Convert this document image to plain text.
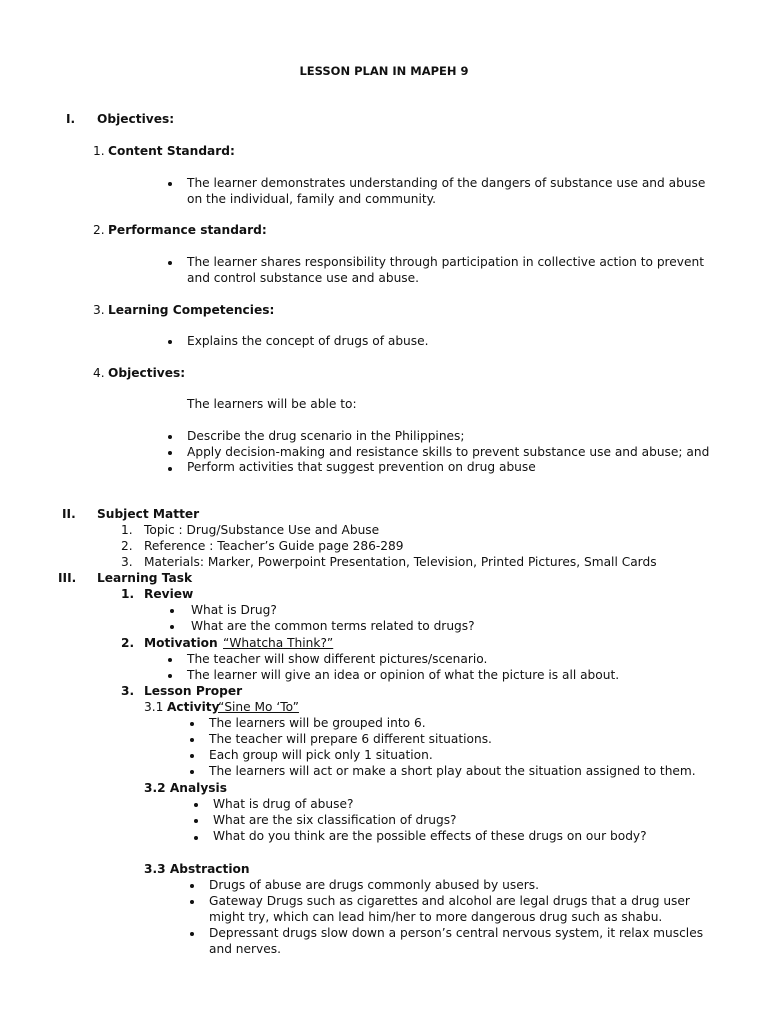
LESSON PLAN IN MAPEH 9
I. Objectives:
1. Content Standard:
The learner demonstrates understanding of the dangers of substance use and abuse
on the individual, family and community.
2. Performance standard:
The learner shares responsibility through participation in collective action to prevent
and control substance use and abuse.
3. Learning Competencies:
Explains the concept of drugs of abuse.
4. Objectives:
The learners will be able to:
Describe the drug scenario in the Philippines;
Apply decision-making and resistance skills to prevent substance use and abuse; and
Perform activities that suggest prevention on drug abuse
II. Subject Matter
1. Topic : Drug/Substance Use and Abuse
2. Reference : Teacher’s Guide page 286-289
3. Materials: Marker, Powerpoint Presentation, Television, Printed Pictures, Small Cards
III. Learning Task
1. Review
What is Drug?
What are the common terms related to drugs?
2. Motivation “Whatcha Think?”
The teacher will show different pictures/scenario.
The learner will give an idea or opinion of what the picture is all about.
3. Lesson Proper
3.1 Activity
“Sine Mo ‘To”
The learners will be grouped into 6.
The teacher will prepare 6 different situations.
Each group will pick only 1 situation.
The learners will act or make a short play about the situation assigned to them.
3.2 Analysis
What is drug of abuse?
What are the six classification of drugs?
What do you think are the possible effects of these drugs on our body?
3.3 Abstraction
Drugs of abuse are drugs commonly abused by users.
Gateway Drugs such as cigarettes and alcohol are legal drugs that a drug user
might try, which can lead him/her to more dangerous drug such as shabu.
Depressant drugs slow down a person’s central nervous system, it relax muscles
and nerves.
